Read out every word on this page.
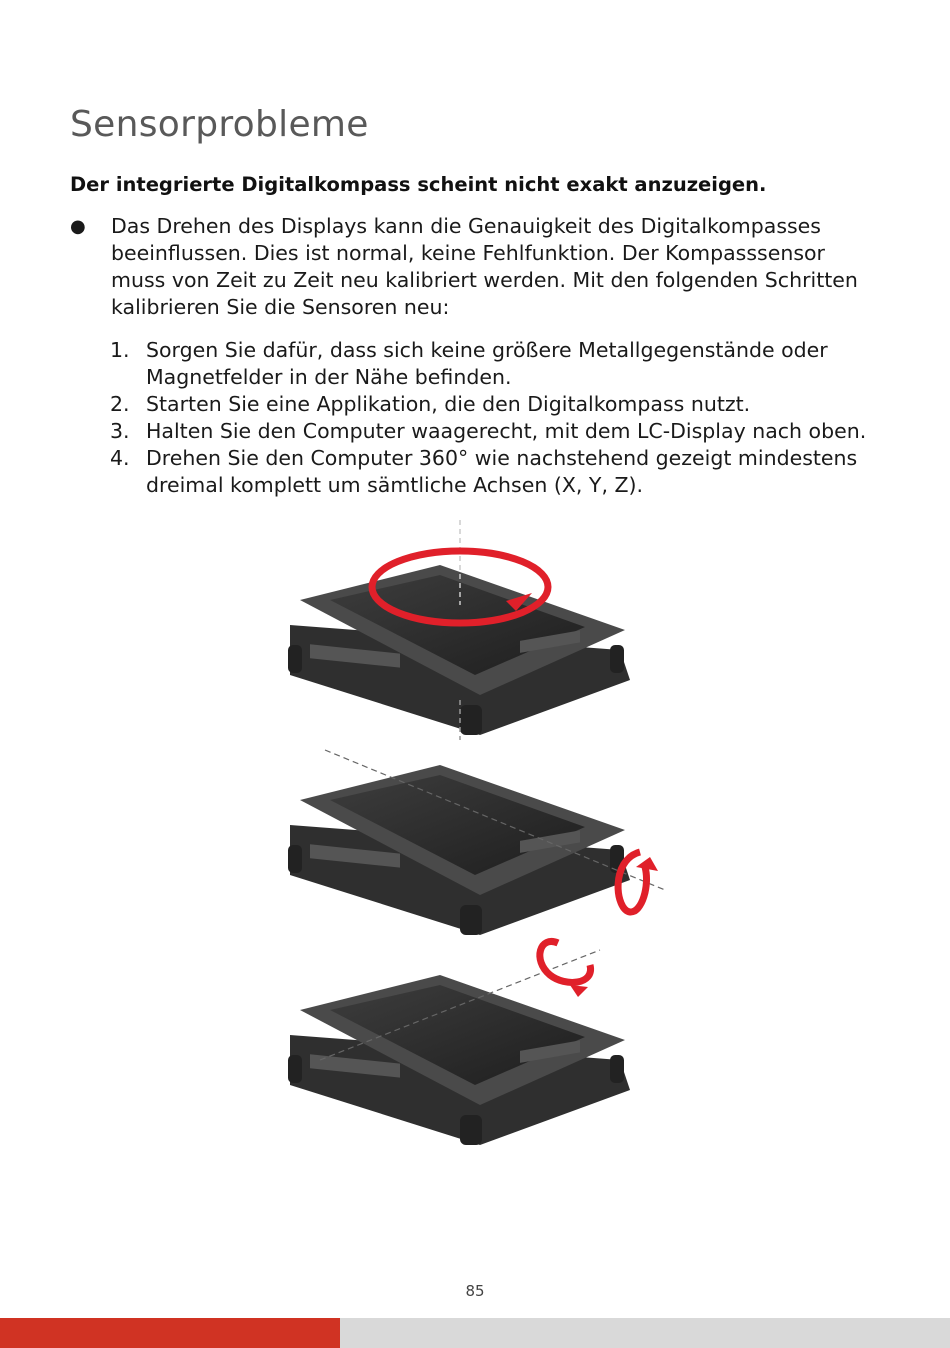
Sensorprobleme
Der integrierte Digitalkompass scheint nicht exakt anzuzeigen.
● Das Drehen des Displays kann die Genauigkeit des Digitalkompasses beeinflussen. Dies ist normal, keine Fehlfunktion. Der Kompasssensor muss von Zeit zu Zeit neu kalibriert werden. Mit den folgenden Schritten kalibrieren Sie die Sensoren neu:
1. Sorgen Sie dafür, dass sich keine größere Metallgegenstände oder Magnetfelder in der Nähe befinden.
2. Starten Sie eine Applikation, die den Digitalkompass nutzt.
3. Halten Sie den Computer waagerecht, mit dem LC-Display nach oben.
4. Drehen Sie den Computer 360° wie nachstehend gezeigt mindestens dreimal komplett um sämtliche Achsen (X, Y, Z).
85
